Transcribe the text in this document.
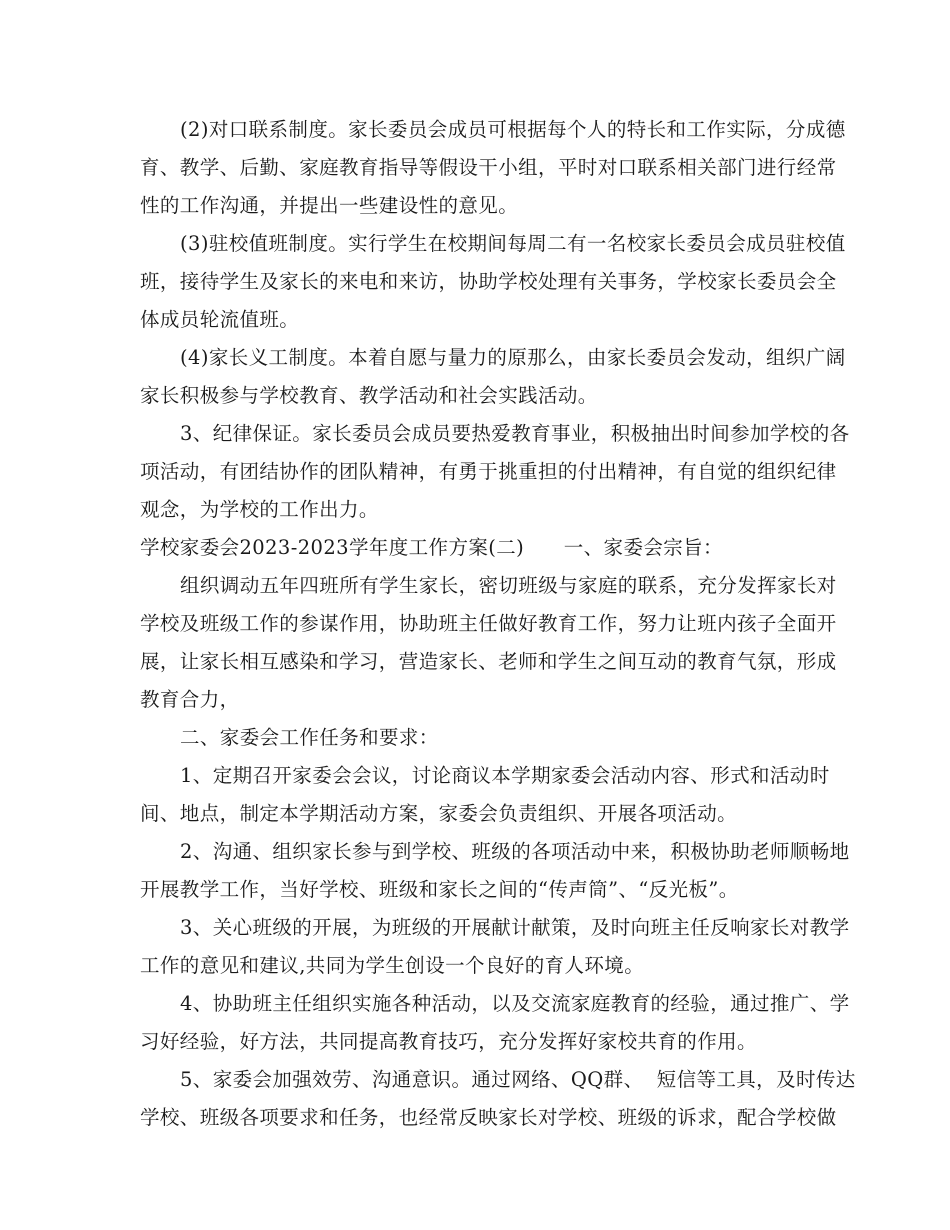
(2)对口联系制度。家长委员会成员可根据每个人的特长和工作实际，分成德
育、教学、后勤、家庭教育指导等假设干小组，平时对口联系相关部门进行经常
性的工作沟通，并提出一些建设性的意见。
(3)驻校值班制度。实行学生在校期间每周二有一名校家长委员会成员驻校值
班，接待学生及家长的来电和来访，协助学校处理有关事务，学校家长委员会全
体成员轮流值班。
(4)家长义工制度。本着自愿与量力的原那么，由家长委员会发动，组织广阔
家长积极参与学校教育、教学活动和社会实践活动。
3、纪律保证。家长委员会成员要热爱教育事业，积极抽出时间参加学校的各
项活动，有团结协作的团队精神，有勇于挑重担的付出精神，有自觉的组织纪律
观念，为学校的工作出力。
学校家委会2023-2023学年度工作方案(二)      一、家委会宗旨：
组织调动五年四班所有学生家长，密切班级与家庭的联系，充分发挥家长对
学校及班级工作的参谋作用，协助班主任做好教育工作，努力让班内孩子全面开
展，让家长相互感染和学习，营造家长、老师和学生之间互动的教育气氛，形成
教育合力，
二、家委会工作任务和要求：
1、定期召开家委会会议，讨论商议本学期家委会活动内容、形式和活动时
间、地点，制定本学期活动方案，家委会负责组织、开展各项活动。
2、沟通、组织家长参与到学校、班级的各项活动中来，积极协助老师顺畅地
开展教学工作，当好学校、班级和家长之间的“传声筒”、“反光板”。
3、关心班级的开展，为班级的开展献计献策，及时向班主任反响家长对教学
工作的意见和建议,共同为学生创设一个良好的育人环境。
4、协助班主任组织实施各种活动，以及交流家庭教育的经验，通过推广、学
习好经验，好方法，共同提高教育技巧，充分发挥好家校共育的作用。
5、家委会加强效劳、沟通意识。通过网络、QQ群、  短信等工具，及时传达
学校、班级各项要求和任务，也经常反映家长对学校、班级的诉求，配合学校做
